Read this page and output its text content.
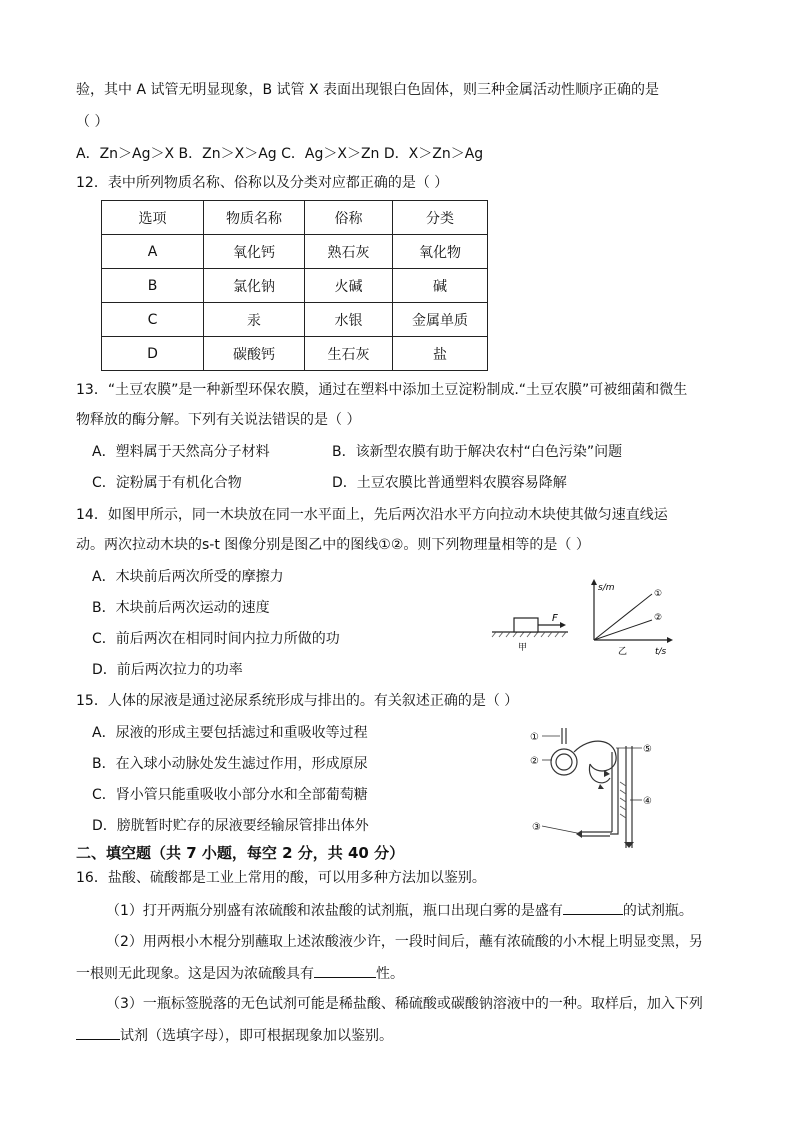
验，其中 A 试管无明显现象，B 试管 X 表面出现银白色固体，则三种金属活动性顺序正确的是
（ ）
A．Zn＞Ag＞X B．Zn＞X＞Ag C．Ag＞X＞Zn D．X＞Zn＞Ag
12．表中所列物质名称、俗称以及分类对应都正确的是（ ）
选项	物质名称	俗称	分类
A	氧化钙	熟石灰	氧化物
B	氯化钠	火碱	碱
C	汞	水银	金属单质
D	碳酸钙	生石灰	盐
13．“土豆农膜”是一种新型环保农膜，通过在塑料中添加土豆淀粉制成.“土豆农膜”可被细菌和微生
物释放的酶分解。下列有关说法错误的是（ ）
A．塑料属于天然高分子材料	B．该新型农膜有助于解决农村“白色污染”问题
C．淀粉属于有机化合物	D．土豆农膜比普通塑料农膜容易降解
14．如图甲所示，同一木块放在同一水平面上，先后两次沿水平方向拉动木块使其做匀速直线运
动。两次拉动木块的s-t 图像分别是图乙中的图线①②。则下列物理量相等的是（ ）
A．木块前后两次所受的摩擦力
B．木块前后两次运动的速度
C．前后两次在相同时间内拉力所做的功
D．前后两次拉力的功率
F
甲
s/m
t/s
①
②
乙
15．人体的尿液是通过泌尿系统形成与排出的。有关叙述正确的是（ ）
A．尿液的形成主要包括滤过和重吸收等过程
B．在入球小动脉处发生滤过作用，形成原尿
C．肾小管只能重吸收小部分水和全部葡萄糖
D．膀胱暂时贮存的尿液要经输尿管排出体外
①
②
③
④
⑤
二、填空题（共 7 小题，每空 2 分，共 40 分）
16．盐酸、硫酸都是工业上常用的酸，可以用多种方法加以鉴别。
（1）打开两瓶分别盛有浓硫酸和浓盐酸的试剂瓶，瓶口出现白雾的是盛有	的试剂瓶。
（2）用两根小木棍分别蘸取上述浓酸液少许，一段时间后，蘸有浓硫酸的小木棍上明显变黑，另
一根则无此现象。这是因为浓硫酸具有	性。
（3）一瓶标签脱落的无色试剂可能是稀盐酸、稀硫酸或碳酸钠溶液中的一种。取样后，加入下列
试剂（选填字母），即可根据现象加以鉴别。
